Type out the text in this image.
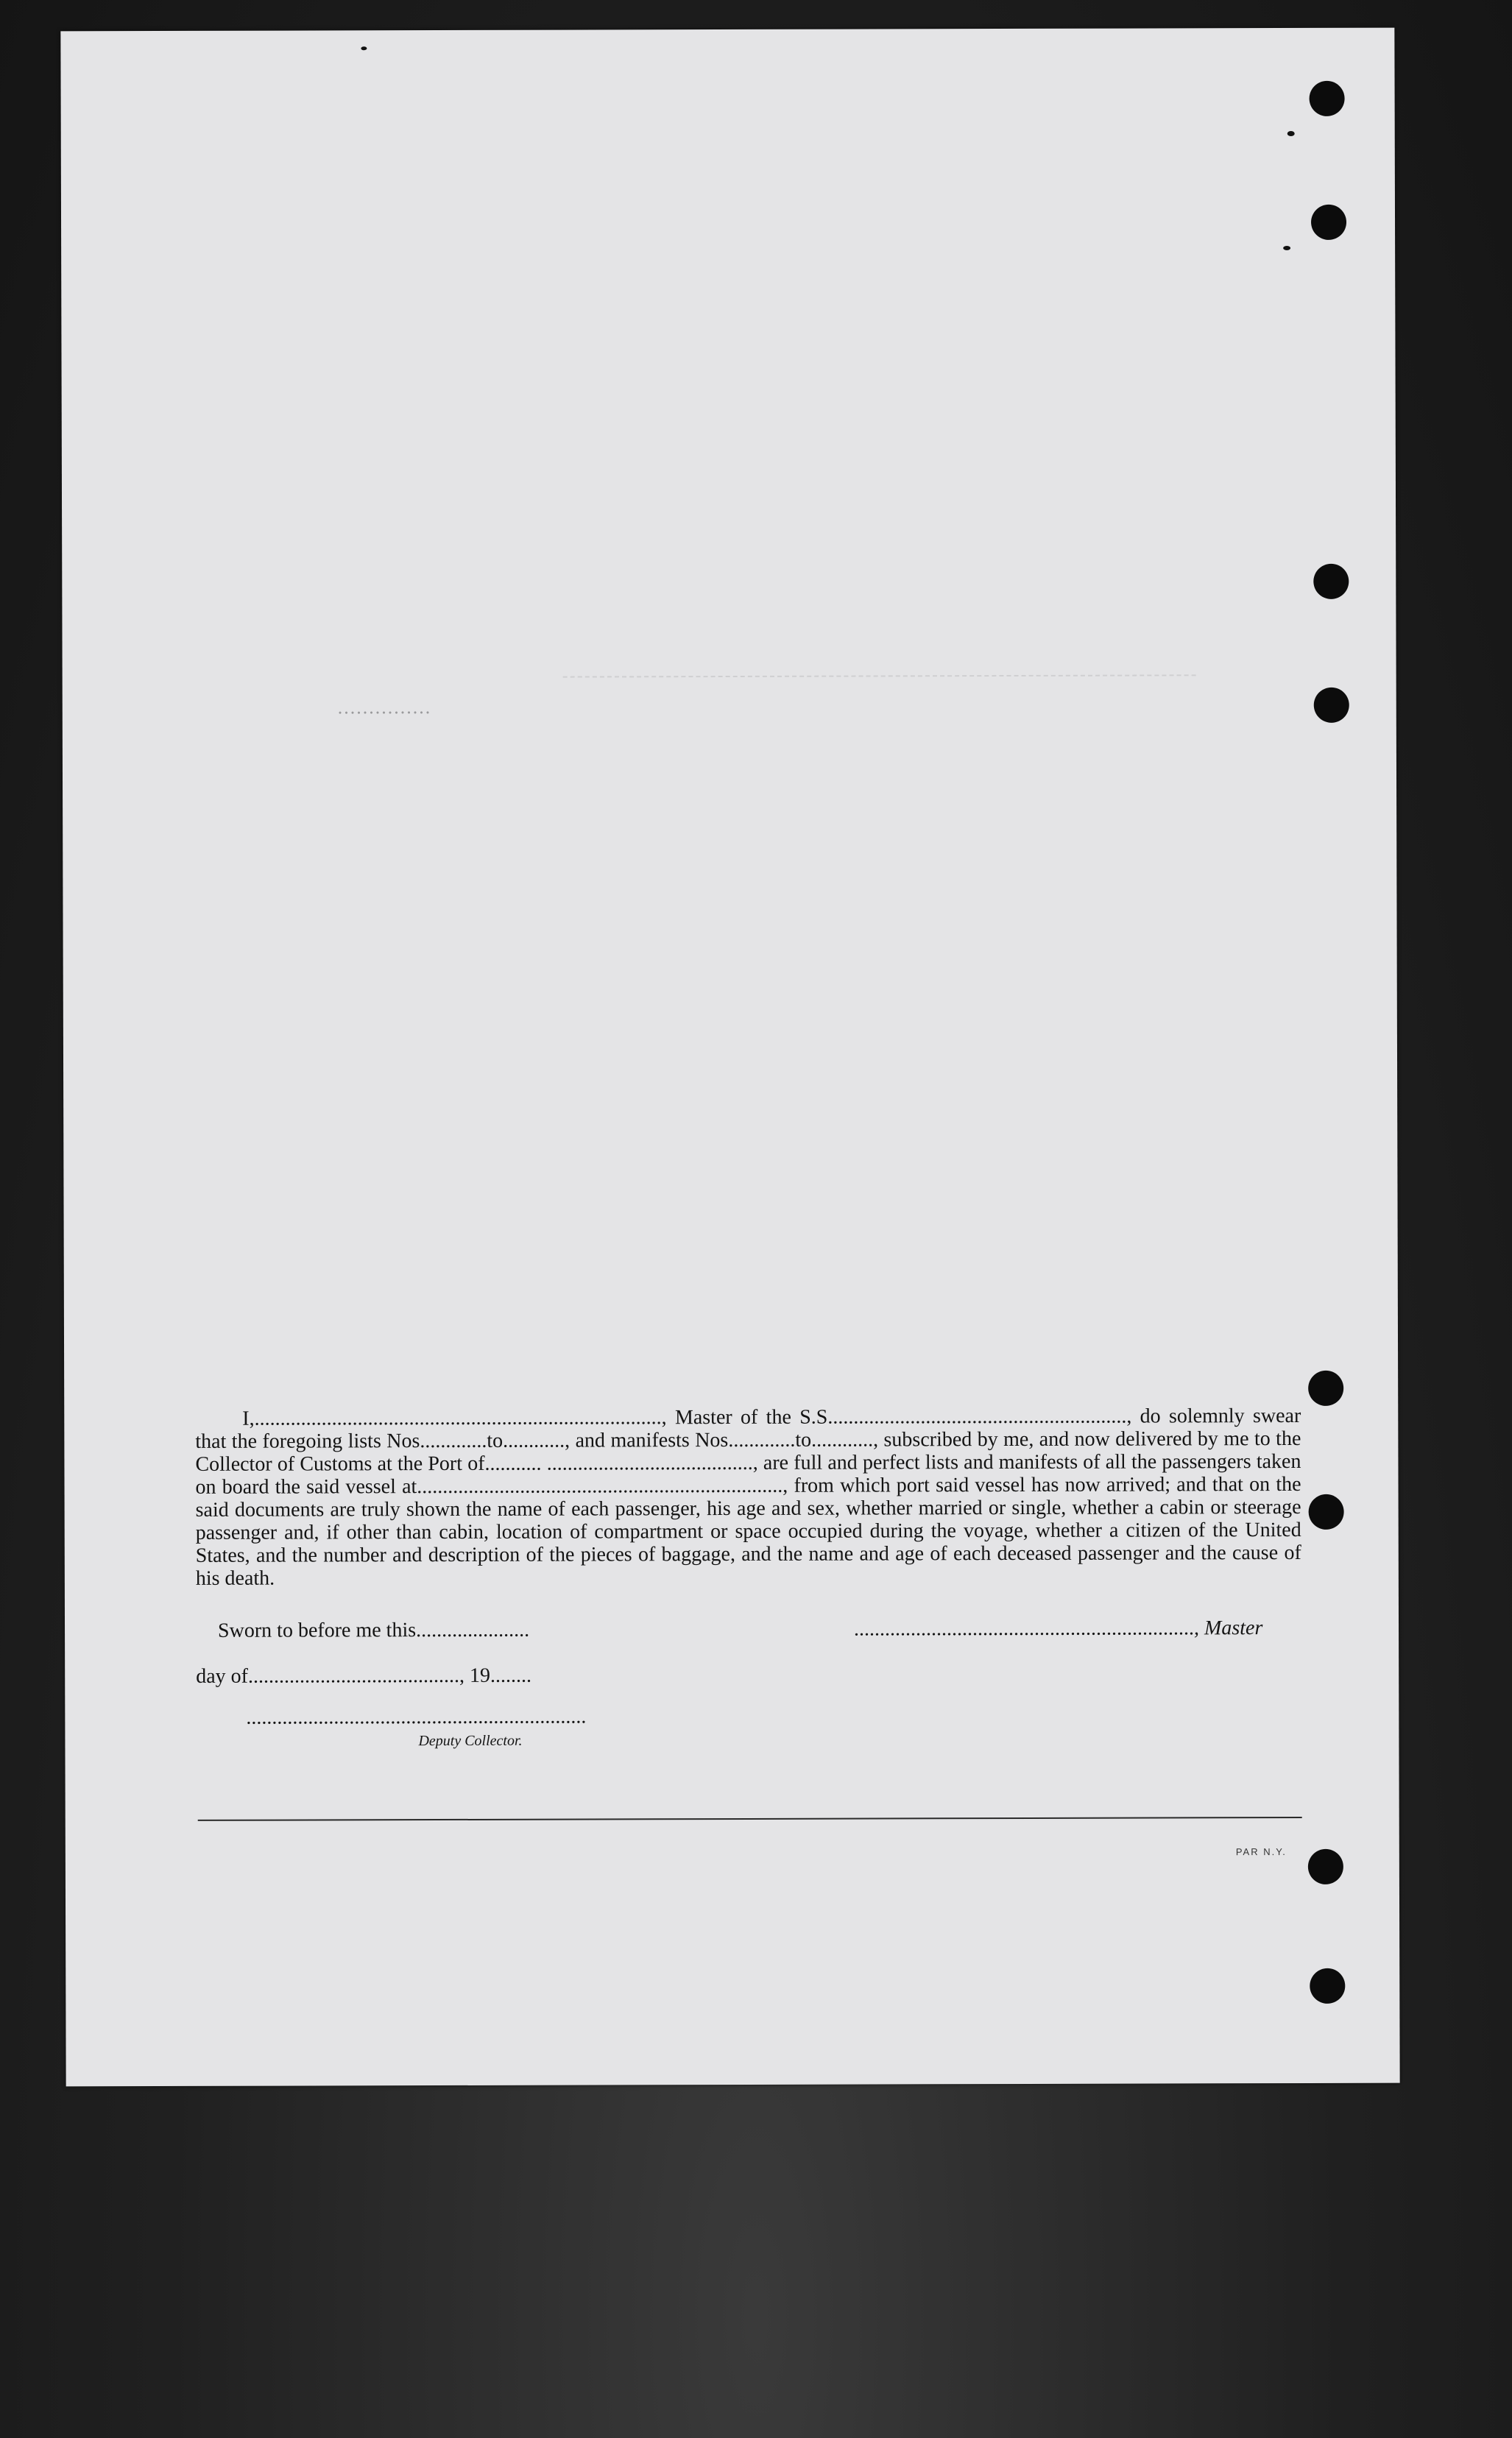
...............

I,..............................................................................., Master of the S.S.........................................................., do solemnly swear that the foregoing lists Nos.............to............, and manifests Nos.............to............, subscribed by me, and now delivered by me to the Collector of Customs at the Port of........... ........................................, are full and perfect lists and manifests of all the passengers taken on board the said vessel at......................................................................., from which port said vessel has now arrived; and that on the said documents are truly shown the name of each passenger, his age and sex, whether married or single, whether a cabin or steerage passenger and, if other than cabin, location of compartment or space occupied during the voyage, whether a citizen of the United States, and the number and description of the pieces of baggage, and the name and age of each deceased passenger and the cause of his death.

Sworn to before me this......................	.................................................................., Master
day of........................................., 19........
..................................................................
Deputy Collector.
PAR N.Y.
